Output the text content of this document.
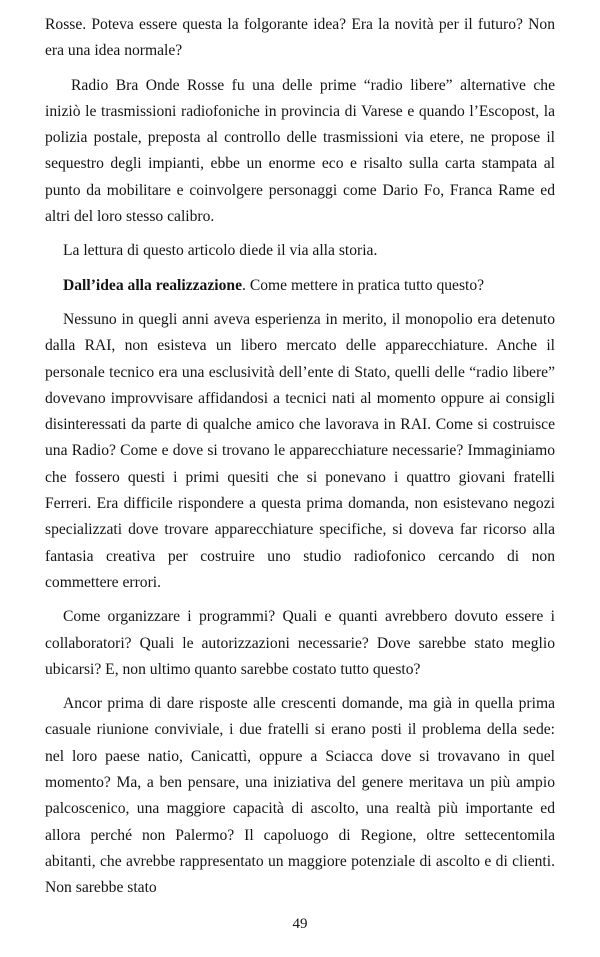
Rosse. Poteva essere questa la folgorante idea? Era la novità per il futuro? Non era una idea normale?

Radio Bra Onde Rosse fu una delle prime “radio libere” alternative che iniziò le trasmissioni radiofoniche in provincia di Varese e quando l’Escopost, la polizia postale, preposta al controllo delle trasmissioni via etere, ne propose il sequestro degli impianti, ebbe un enorme eco e risalto sulla carta stampata al punto da mobilitare e coinvolgere personaggi come Dario Fo, Franca Rame ed altri del loro stesso calibro.

La lettura di questo articolo diede il via alla storia.

Dall’idea alla realizzazione. Come mettere in pratica tutto questo?

Nessuno in quegli anni aveva esperienza in merito, il monopolio era detenuto dalla RAI, non esisteva un libero mercato delle apparecchiature. Anche il personale tecnico era una esclusività dell’ente di Stato, quelli delle “radio libere” dovevano improvvisare affidandosi a tecnici nati al momento oppure ai consigli disinteressati da parte di qualche amico che lavorava in RAI. Come si costruisce una Radio? Come e dove si trovano le apparecchiature necessarie? Immaginiamo che fossero questi i primi quesiti che si ponevano i quattro giovani fratelli Ferreri. Era difficile rispondere a questa prima domanda, non esistevano negozi specializzati dove trovare apparecchiature specifiche, si doveva far ricorso alla fantasia creativa per costruire uno studio radiofonico cercando di non commettere errori.

Come organizzare i programmi? Quali e quanti avrebbero dovuto essere i collaboratori? Quali le autorizzazioni necessarie? Dove sarebbe stato meglio ubicarsi? E, non ultimo quanto sarebbe costato tutto questo?

Ancor prima di dare risposte alle crescenti domande, ma già in quella prima casuale riunione conviviale, i due fratelli si erano posti il problema della sede: nel loro paese natio, Canicattì, oppure a Sciacca dove si trovavano in quel momento? Ma, a ben pensare, una iniziativa del genere meritava un più ampio palcoscenico, una maggiore capacità di ascolto, una realtà più importante ed allora perché non Palermo? Il capoluogo di Regione, oltre settecentomila abitanti, che avrebbe rappresentato un maggiore potenziale di ascolto e di clienti. Non sarebbe stato

49
